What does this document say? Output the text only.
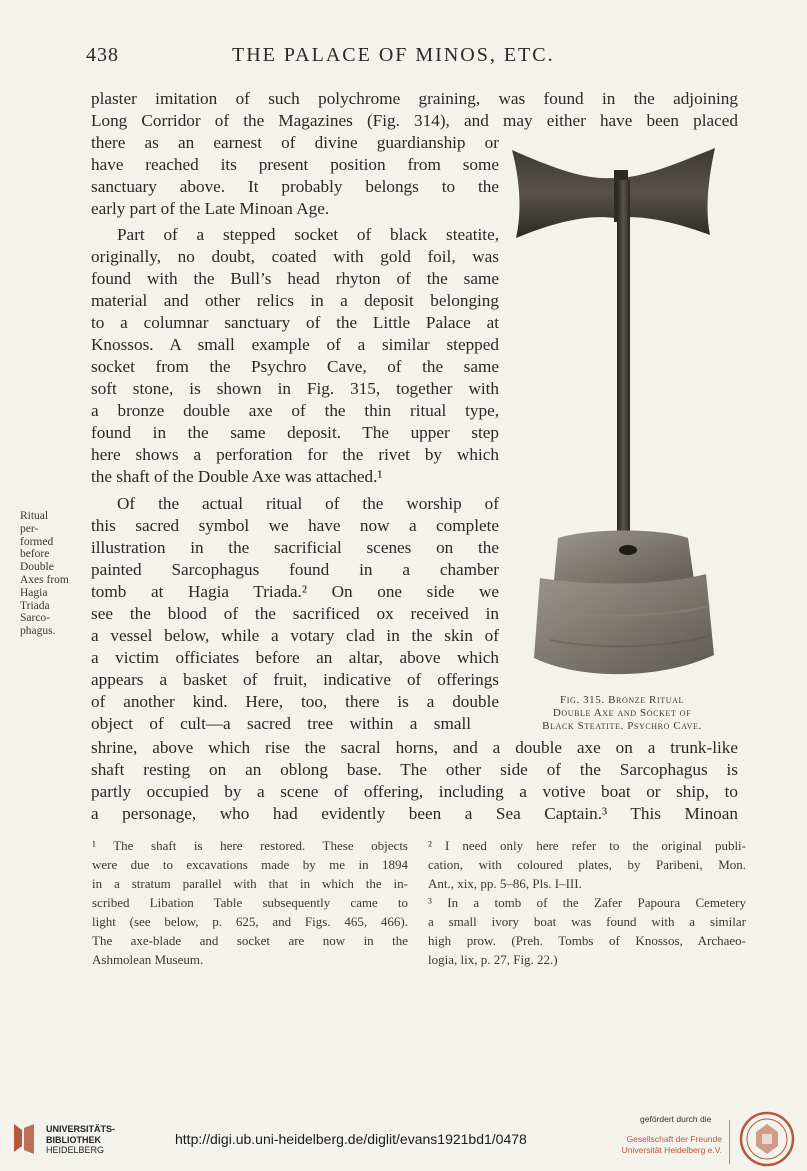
438	THE PALACE OF MINOS, ETC.
plaster imitation of such polychrome graining, was found in the adjoining
Long Corridor of the Magazines (Fig. 314), and may either have been placed
there as an earnest of divine guardianship or
have reached its present position from some
sanctuary above. It probably belongs to the
early part of the Late Minoan Age.
Part of a stepped socket of black steatite,
originally, no doubt, coated with gold foil, was
found with the Bull’s head rhyton of the same
material and other relics in a deposit belonging
to a columnar sanctuary of the Little Palace at
Knossos. A small example of a similar stepped
socket from the Psychro Cave, of the same
soft stone, is shown in Fig. 315, together with
a bronze double axe of the thin ritual type,
found in the same deposit. The upper step
here shows a perforation for the rivet by which
the shaft of the Double Axe was attached.¹
Of the actual ritual of the worship of
this sacred symbol we have now a complete
illustration in the sacrificial scenes on the
painted Sarcophagus found in a chamber
tomb at Hagia Triada.² On one side we
see the blood of the sacrificed ox received in
a vessel below, while a votary clad in the skin of
a victim officiates before an altar, above which
appears a basket of fruit, indicative of offerings
of another kind. Here, too, there is a double
object of cult—a sacred tree within a small
shrine, above which rise the sacral horns, and a double axe on a trunk-like
shaft resting on an oblong base. The other side of the Sarcophagus is
partly occupied by a scene of offering, including a votive boat or ship, to
a personage, who had evidently been a Sea Captain.³ This Minoan
Ritual
per-
formed
before
Double
Axes from
Hagia
Triada
Sarco-
phagus.
Fig. 315. Bronze Ritual
Double Axe and Socket of
Black Steatite. Psychro Cave.
¹ The shaft is here restored. These objects
were due to excavations made by me in 1894
in a stratum parallel with that in which the in-
scribed Libation Table subsequently came to
light (see below, p. 625, and Figs. 465, 466).
The axe-blade and socket are now in the
Ashmolean Museum.
² I need only here refer to the original publi-
cation, with coloured plates, by Paribeni, Mon.
Ant., xix, pp. 5–86, Pls. I–III.
³ In a tomb of the Zafer Papoura Cemetery
a small ivory boat was found with a similar
high prow. (Preh. Tombs of Knossos, Archaeo-
logia, lix, p. 27, Fig. 22.)
UNIVERSITÄTS-
BIBLIOTHEK
HEIDELBERG
http://digi.ub.uni-heidelberg.de/diglit/evans1921bd1/0478
gefördert durch die
Gesellschaft der Freunde
Universität Heidelberg e.V.
